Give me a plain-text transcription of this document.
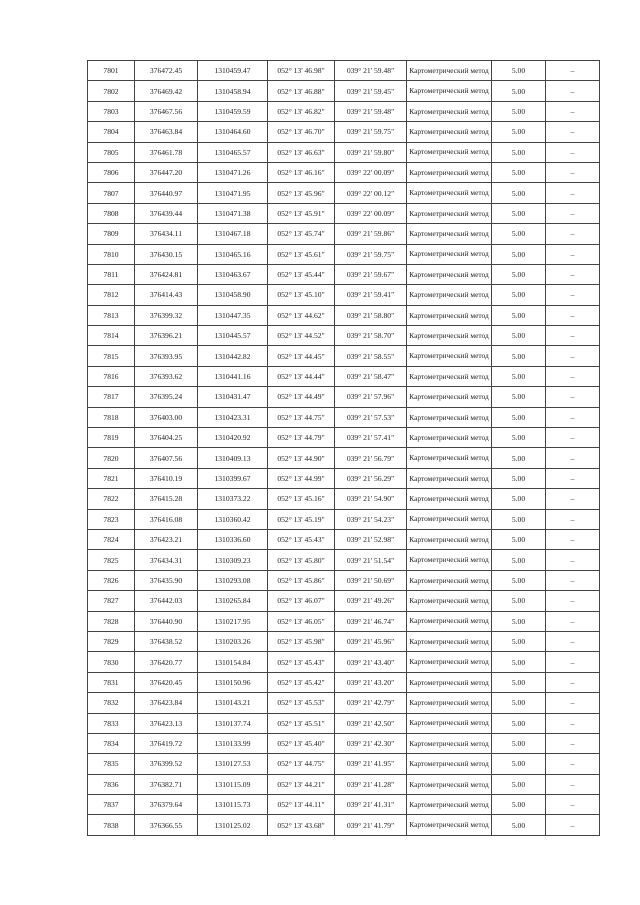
7801	376472.45	1310459.47	052° 13' 46.98"	039° 21' 59.48"	Картометрический метод	5.00	–
7802	376469.42	1310458.94	052° 13' 46.88"	039° 21' 59.45"	Картометрический метод	5.00	–
7803	376467.56	1310459.59	052° 13' 46.82"	039° 21' 59.48"	Картометрический метод	5.00	–
7804	376463.84	1310464.60	052° 13' 46.70"	039° 21' 59.75"	Картометрический метод	5.00	–
7805	376461.78	1310465.57	052° 13' 46.63"	039° 21' 59.80"	Картометрический метод	5.00	–
7806	376447.20	1310471.26	052° 13' 46.16"	039° 22' 00.09"	Картометрический метод	5.00	–
7807	376440.97	1310471.95	052° 13' 45.96"	039° 22' 00.12"	Картометрический метод	5.00	–
7808	376439.44	1310471.38	052° 13' 45.91"	039° 22' 00.09"	Картометрический метод	5.00	–
7809	376434.11	1310467.18	052° 13' 45.74"	039° 21' 59.86"	Картометрический метод	5.00	–
7810	376430.15	1310465.16	052° 13' 45.61"	039° 21' 59.75"	Картометрический метод	5.00	–
7811	376424.81	1310463.67	052° 13' 45.44"	039° 21' 59.67"	Картометрический метод	5.00	–
7812	376414.43	1310458.90	052° 13' 45.10"	039° 21' 59.41"	Картометрический метод	5.00	–
7813	376399.32	1310447.35	052° 13' 44.62"	039° 21' 58.80"	Картометрический метод	5.00	–
7814	376396.21	1310445.57	052° 13' 44.52"	039° 21' 58.70"	Картометрический метод	5.00	–
7815	376393.95	1310442.82	052° 13' 44.45"	039° 21' 58.55"	Картометрический метод	5.00	–
7816	376393.62	1310441.16	052° 13' 44.44"	039° 21' 58.47"	Картометрический метод	5.00	–
7817	376395.24	1310431.47	052° 13' 44.49"	039° 21' 57.96"	Картометрический метод	5.00	–
7818	376403.00	1310423.31	052° 13' 44.75"	039° 21' 57.53"	Картометрический метод	5.00	–
7819	376404.25	1310420.92	052° 13' 44.79"	039° 21' 57.41"	Картометрический метод	5.00	–
7820	376407.56	1310409.13	052° 13' 44.90"	039° 21' 56.79"	Картометрический метод	5.00	–
7821	376410.19	1310399.67	052° 13' 44.99"	039° 21' 56.29"	Картометрический метод	5.00	–
7822	376415.28	1310373.22	052° 13' 45.16"	039° 21' 54.90"	Картометрический метод	5.00	–
7823	376416.08	1310360.42	052° 13' 45.19"	039° 21' 54.23"	Картометрический метод	5.00	–
7824	376423.21	1310336.60	052° 13' 45.43"	039° 21' 52.98"	Картометрический метод	5.00	–
7825	376434.31	1310309.23	052° 13' 45.80"	039° 21' 51.54"	Картометрический метод	5.00	–
7826	376435.90	1310293.08	052° 13' 45.86"	039° 21' 50.69"	Картометрический метод	5.00	–
7827	376442.03	1310265.84	052° 13' 46.07"	039° 21' 49.26"	Картометрический метод	5.00	–
7828	376440.90	1310217.95	052° 13' 46.05"	039° 21' 46.74"	Картометрический метод	5.00	–
7829	376438.52	1310203.26	052° 13' 45.98"	039° 21' 45.96"	Картометрический метод	5.00	–
7830	376420.77	1310154.84	052° 13' 45.43"	039° 21' 43.40"	Картометрический метод	5.00	–
7831	376420.45	1310150.96	052° 13' 45.42"	039° 21' 43.20"	Картометрический метод	5.00	–
7832	376423.84	1310143.21	052° 13' 45.53"	039° 21' 42.79"	Картометрический метод	5.00	–
7833	376423.13	1310137.74	052° 13' 45.51"	039° 21' 42.50"	Картометрический метод	5.00	–
7834	376419.72	1310133.99	052° 13' 45.40"	039° 21' 42.30"	Картометрический метод	5.00	–
7835	376399.52	1310127.53	052° 13' 44.75"	039° 21' 41.95"	Картометрический метод	5.00	–
7836	376382.71	1310115.09	052° 13' 44.21"	039° 21' 41.28"	Картометрический метод	5.00	–
7837	376379.64	1310115.73	052° 13' 44.11"	039° 21' 41.31"	Картометрический метод	5.00	–
7838	376366.55	1310125.02	052° 13' 43.68"	039° 21' 41.79"	Картометрический метод	5.00	–
